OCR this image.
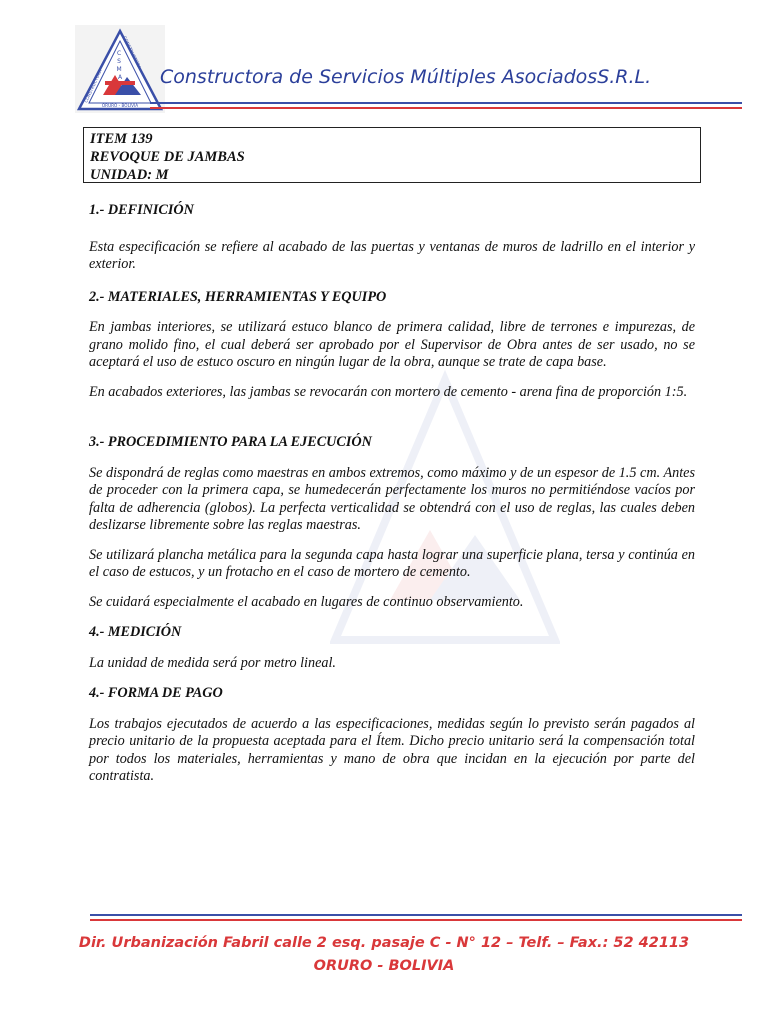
C S M A
CONSTRUCTORA
CONSTRUCTORA
ORURO - BOLIVIA
Constructora de Servicios Múltiples AsociadosS.R.L.
ITEM 139
REVOQUE DE JAMBAS
UNIDAD: M

1.- DEFINICIÓN

Esta especificación se refiere al acabado de las puertas y ventanas de muros de ladrillo en el interior y exterior.

2.- MATERIALES, HERRAMIENTAS Y EQUIPO

En jambas interiores, se utilizará estuco blanco de primera calidad, libre de terrones e impurezas, de grano molido fino, el cual deberá ser aprobado por el Supervisor de Obra antes de ser usado, no se aceptará el uso de estuco oscuro en ningún lugar de la obra, aunque se trate de capa base.

En acabados exteriores, las jambas se revocarán con mortero de cemento - arena fina de proporción 1:5.

3.- PROCEDIMIENTO PARA LA EJECUCIÓN

Se dispondrá de reglas como maestras en ambos extremos, como máximo y de un espesor de 1.5 cm. Antes de proceder con la primera capa, se humedecerán perfectamente los muros no permitiéndose vacíos por falta de adherencia (globos). La perfecta verticalidad se obtendrá con el uso de reglas, las cuales deben deslizarse libremente sobre las reglas maestras.

Se utilizará plancha metálica para la segunda capa hasta lograr una superficie plana, tersa y continúa en el caso de estucos, y un frotacho en el caso de mortero de cemento.

Se cuidará especialmente el acabado en lugares de continuo observamiento.

4.- MEDICIÓN

La unidad de medida será por metro lineal.

4.- FORMA DE PAGO

Los trabajos ejecutados de acuerdo a las especificaciones, medidas según lo previsto serán pagados al precio unitario de la propuesta aceptada para el Ítem. Dicho precio unitario será la compensación total por todos los materiales, herramientas y mano de obra que incidan en la ejecución por parte del contratista.

Dir. Urbanización Fabril calle 2 esq. pasaje C - N° 12 – Telf. – Fax.: 52 42113
ORURO - BOLIVIA
